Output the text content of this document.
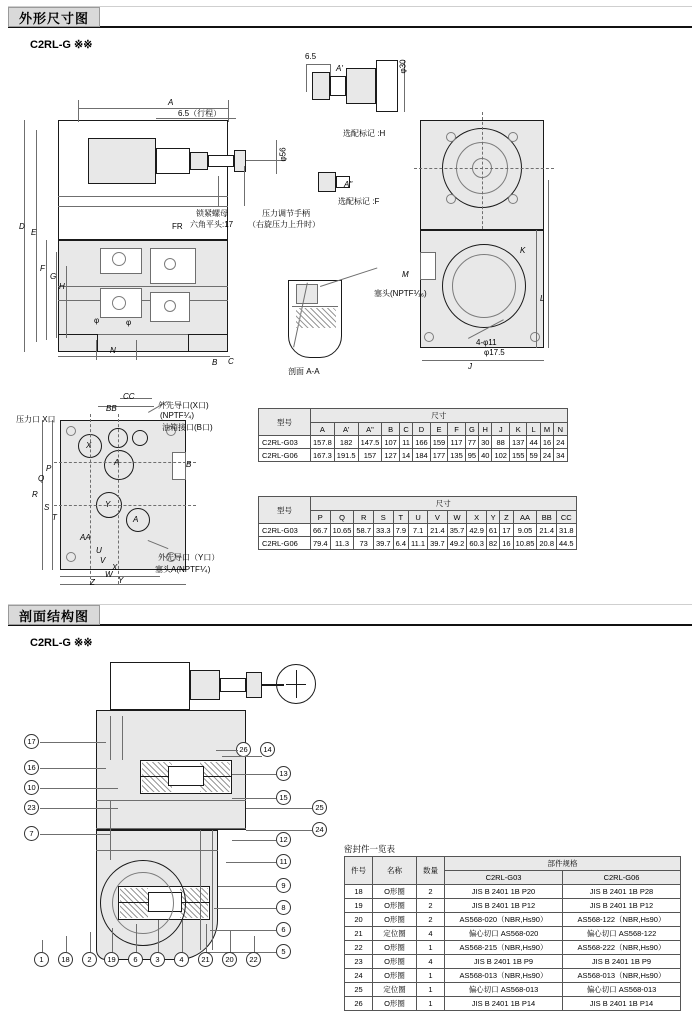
外形尺寸图
C2RL-G ※※
6.5（行程）
6.5
选配标记 :H
选配标记 :F
锁紧螺母	压力调节手柄
六角平头:17 （右旋压力上升时）
塞头(NPTF⅟₁₆)
剖面 A-A
4-φ11
φ17.5
FR
φ30
φ56
A
A'
A"
B C
D
E
F
G
H
J
K
L
M
N
φ	φ
压力口 X口
CC
BB	外先导口(X口)
(NPTF⅟₄)
油箱接口(B口)
外先导口（Y口）
塞头A(NPTF⅟₄)
AA
P
Q
R
S
T
U
V
W
X
Y
Z
A	B
X
Y
A
型号	尺寸														
	A	A'	A"	B	C	D	E	F	G	H	J	K	L	M	N
C2RL-G03	157.8	182	147.5	107	11	166	159	117	77	30	88	137	44	16	24
C2RL-G06	167.3	191.5	157	127	14	184	177	135	95	40	102	155	59	24	34
型号	尺寸													
	P	Q	R	S	T	U	V	W	X	Y	Z	AA	BB	CC
C2RL-G03	66.7	10.65	58.7	33.3	7.9	7.1	21.4	35.7	42.9	61	17	9.05	21.4	31.8
C2RL-G06	79.4	11.3	73	39.7	6.4	11.1	39.7	49.2	60.3	82	16	10.85	20.8	44.5
剖面结构图
C2RL-G ※※
17
16
10
23
7
26	14
13
15
25
24
12
11
9
8
6
5
1	18	2	19	6	3	4	21	20	22
密封件一览表
件号	名称	数量	部件规格	
			C2RL-G03	C2RL-G06
18	O形圈	2	JIS B 2401 1B P20	JIS B 2401 1B P28
19	O形圈	2	JIS B 2401 1B P12	JIS B 2401 1B P12
20	O形圈	2	AS568-020（NBR,Hs90）	AS568-122（NBR,Hs90）
21	定位圈	4	偏心切口 AS568-020	偏心切口 AS568-122
22	O形圈	1	AS568-215（NBR,Hs90）	AS568-222（NBR,Hs90）
23	O形圈	4	JIS B 2401 1B P9	JIS B 2401 1B P9
24	O形圈	1	AS568-013（NBR,Hs90）	AS568-013（NBR,Hs90）
25	定位圈	1	偏心切口 AS568-013	偏心切口 AS568-013
26	O形圈	1	JIS B 2401 1B P14	JIS B 2401 1B P14
